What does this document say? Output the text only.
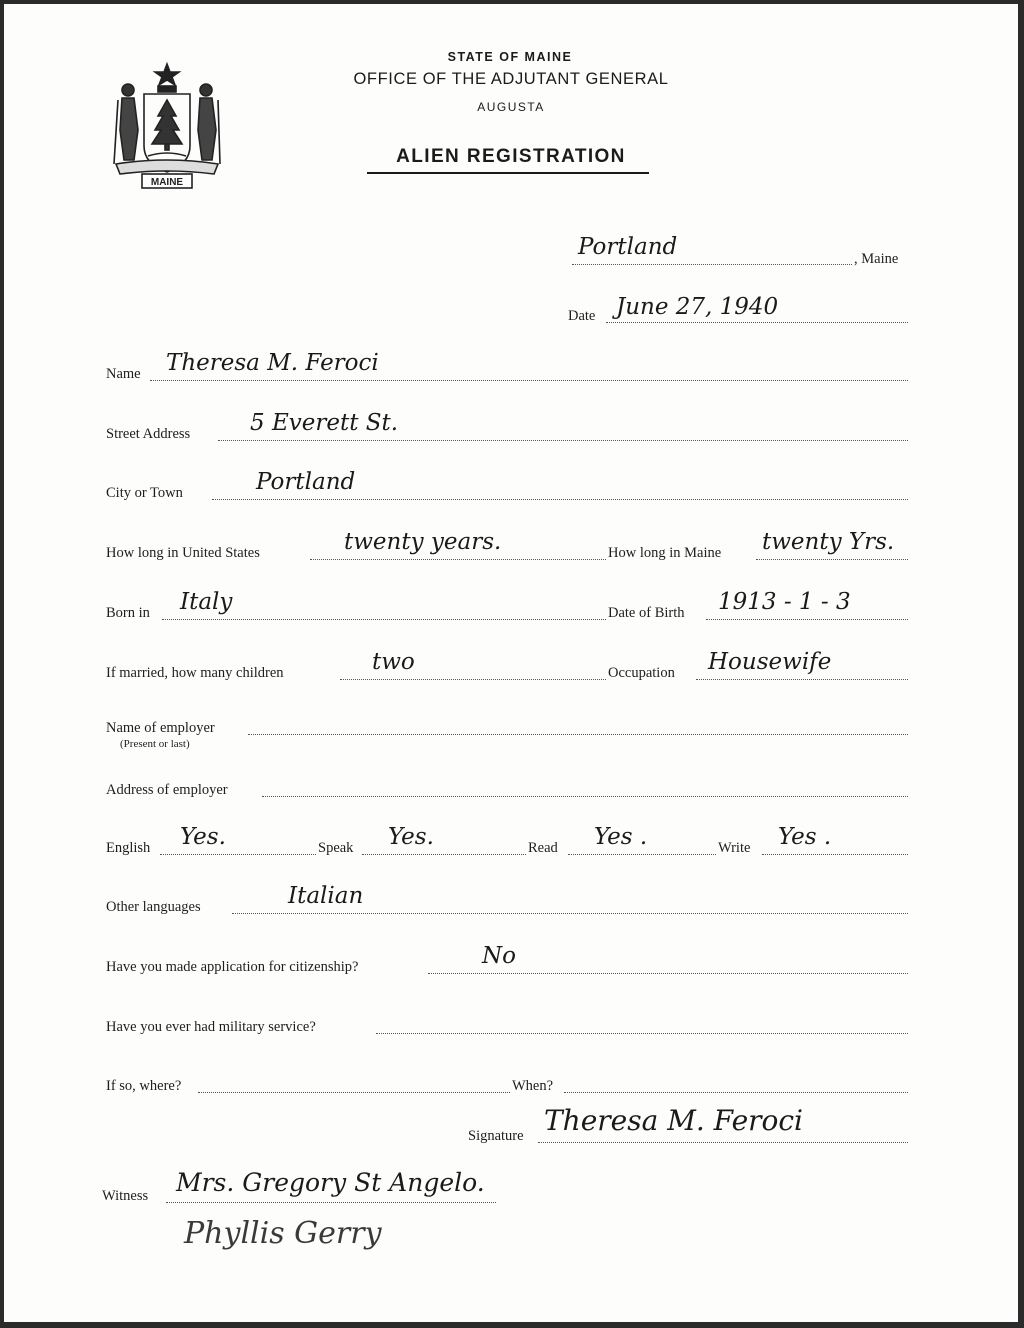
MAINE
STATE OF MAINE
OFFICE OF THE ADJUTANT GENERAL
AUGUSTA
ALIEN REGISTRATION
Portland	, Maine
Date June 27, 1940
Name Theresa M. Feroci
Street Address	5 Everett St.
City or Town	Portland
How long in United States	twenty years.	How long in Maine twenty Yrs.
Born in Italy	Date of Birth 1913 - 1 - 3
If married, how many children	two	Occupation Housewife
Name of employer
(Present or last)
Address of employer
English Yes.	Speak Yes.	Read Yes .	Write Yes .
Other languages	Italian
Have you made application for citizenship?	No
Have you ever had military service?
If so, where?	When?
Signature Theresa M. Feroci
Witness Mrs. Gregory St Angelo.
Phyllis Gerry
